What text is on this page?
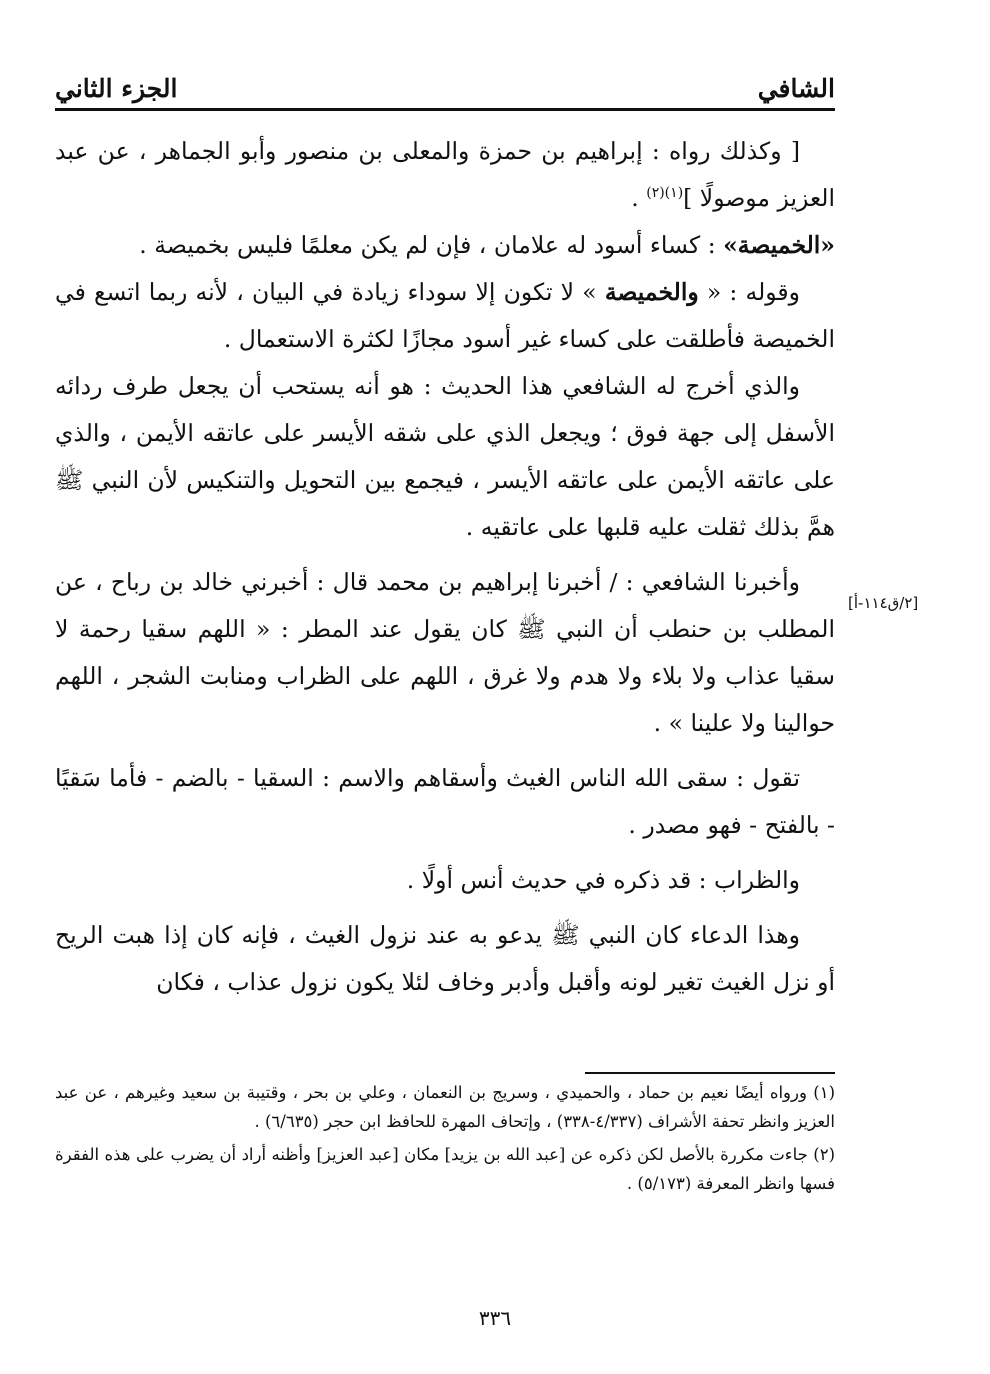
الشافي
الجزء الثاني

[ وكذلك رواه : إبراهيم بن حمزة والمعلى بن منصور وأبو الجماهر ، عن عبد العزيز موصولًا ]$^{(١)(٢)}$ .

«الخميصة» : كساء أسود له علامان ، فإن لم يكن معلمًا فليس بخميصة .

وقوله : « والخميصة » لا تكون إلا سوداء زيادة في البيان ، لأنه ربما اتسع في الخميصة فأطلقت على كساء غير أسود مجازًا لكثرة الاستعمال .

والذي أخرج له الشافعي هذا الحديث : هو أنه يستحب أن يجعل طرف ردائه الأسفل إلى جهة فوق ؛ ويجعل الذي على شقه الأيسر على عاتقه الأيمن ، والذي على عاتقه الأيمن على عاتقه الأيسر ، فيجمع بين التحويل والتنكيس لأن النبي ﷺ همَّ بذلك ثقلت عليه قلبها على عاتقيه .

وأخبرنا الشافعي : / أخبرنا إبراهيم بن محمد قال : أخبرني خالد بن رباح ، عن المطلب بن حنطب أن النبي ﷺ كان يقول عند المطر : « اللهم سقيا رحمة لا سقيا عذاب ولا بلاء ولا هدم ولا غرق ، اللهم على الظراب ومنابت الشجر ، اللهم حوالينا ولا علينا » .

تقول : سقى الله الناس الغيث وأسقاهم والاسم : السقيا - بالضم - فأما سَقيًا - بالفتح - فهو مصدر .

والظراب : قد ذكره في حديث أنس أولًا .

وهذا الدعاء كان النبي ﷺ يدعو به عند نزول الغيث ، فإنه كان إذا هبت الريح أو نزل الغيث تغير لونه وأقبل وأدبر وخاف لئلا يكون نزول عذاب ، فكان

[٢/ق١١٤-أ]

(١) ورواه أيضًا نعيم بن حماد ، والحميدي ، وسريج بن النعمان ، وعلي بن بحر ، وقتيبة بن سعيد وغيرهم ، عن عبد العزيز وانظر تحفة الأشراف (٤/٣٣٧-٣٣٨) ، وإتحاف المهرة للحافظ ابن حجر (٦/٦٣٥) .

(٢) جاءت مكررة بالأصل لكن ذكره عن [عبد الله بن يزيد] مكان [عبد العزيز] وأظنه أراد أن يضرب على هذه الفقرة فسها وانظر المعرفة (٥/١٧٣) .

٣٣٦
